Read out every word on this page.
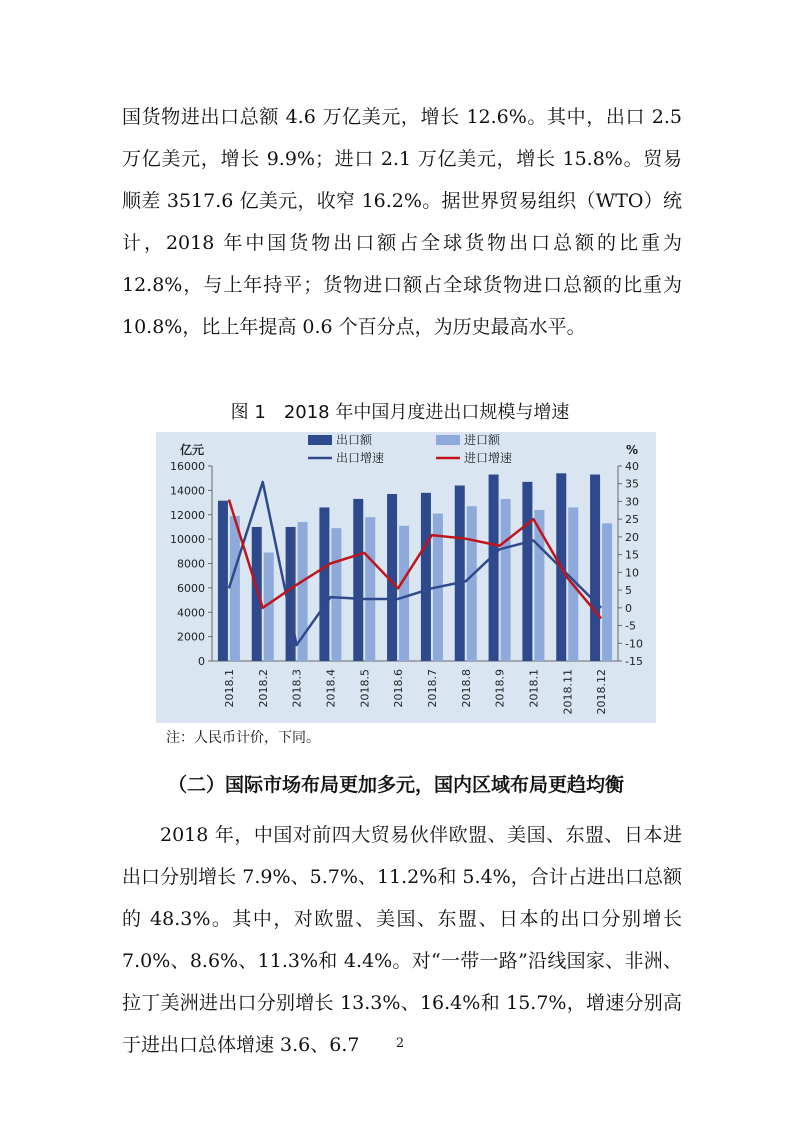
国货物进出口总额 4.6 万亿美元，增长 12.6%。其中，出口 2.5 万亿美元，增长 9.9%；进口 2.1 万亿美元，增长 15.8%。贸易顺差 3517.6 亿美元，收窄 16.2%。据世界贸易组织（WTO）统计，2018 年中国货物出口额占全球货物出口总额的比重为 12.8%，与上年持平；货物进口额占全球货物进口总额的比重为 10.8%，比上年提高 0.6 个百分点，为历史最高水平。

图 1　2018 年中国月度进出口规模与增速
0
2000
4000
6000
8000
10000
12000
14000
16000
-15
-10
-5
0
5
10
15
20
25
30
35
40
亿元	%
2018.1 2018.2 2018.3 2018.4 2018.5 2018.6 2018.7 2018.8 2018.9 2018.1 2018.11 2018.12
出口额	进口额
出口增速	进口增速
注：人民币计价，下同。
（二）国际市场布局更加多元，国内区域布局更趋均衡

2018 年，中国对前四大贸易伙伴欧盟、美国、东盟、日本进出口分别增长 7.9%、5.7%、11.2%和 5.4%，合计占进出口总额的 48.3%。其中，对欧盟、美国、东盟、日本的出口分别增长 7.0%、8.6%、11.3%和 4.4%。对“一带一路”沿线国家、非洲、拉丁美洲进出口分别增长 13.3%、16.4%和 15.7%，增速分别高于进出口总体增速 3.6、6.7	2
